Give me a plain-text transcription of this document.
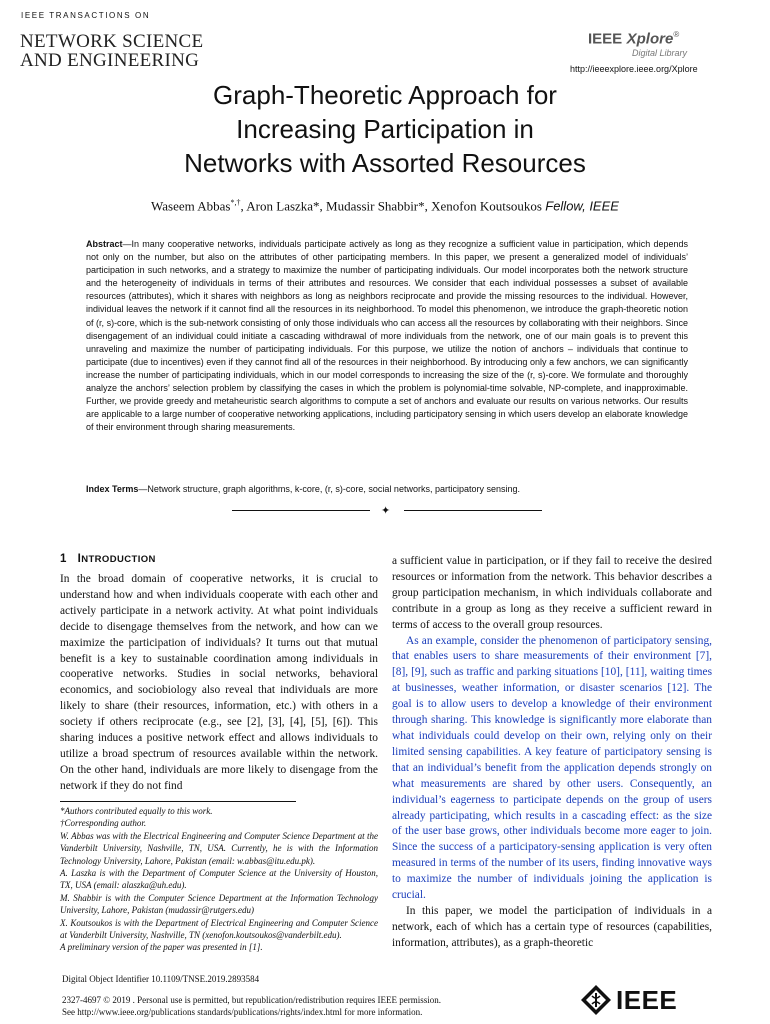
IEEE TRANSACTIONS ON
NETWORK SCIENCE
AND ENGINEERING
IEEE Xplore®
Digital Library
http://ieeexplore.ieee.org/Xplore
Graph-Theoretic Approach for
Increasing Participation in
Networks with Assorted Resources
Waseem Abbas*,†, Aron Laszka*, Mudassir Shabbir*, Xenofon Koutsoukos Fellow, IEEE
Abstract—In many cooperative networks, individuals participate actively as long as they recognize a sufficient value in participation, which depends not only on the number, but also on the attributes of other participating members. In this paper, we present a generalized model of individuals’ participation in such networks, and a strategy to maximize the number of participating individuals. Our model incorporates both the network structure and the heterogeneity of individuals in terms of their attributes and resources. We consider that each individual possesses a subset of available resources (attributes), which it shares with neighbors as long as neighbors reciprocate and provide the missing resources to the individual. However, individual leaves the network if it cannot find all the resources in its neighborhood. To model this phenomenon, we introduce the graph-theoretic notion of (r, s)-core, which is the sub-network consisting of only those individuals who can access all the resources by collaborating with their neighbors. Since disengagement of an individual could initiate a cascading withdrawal of more individuals from the network, one of our main goals is to prevent this unraveling and maximize the number of participating individuals. For this purpose, we utilize the notion of anchors – individuals that continue to participate (due to incentives) even if they cannot find all of the resources in their neighborhood. By introducing only a few anchors, we can significantly increase the number of participating individuals, which in our model corresponds to increasing the size of the (r, s)-core. We formulate and thoroughly analyze the anchors’ selection problem by classifying the cases in which the problem is polynomial-time solvable, NP-complete, and inapproximable. Further, we provide greedy and metaheuristic search algorithms to compute a set of anchors and evaluate our results on various networks. Our results are applicable to a large number of cooperative networking applications, including participatory sensing in which users develop an elaborate knowledge of their environment through sharing measurements.
Index Terms—Network structure, graph algorithms, k-core, (r, s)-core, social networks, participatory sensing.
✦
1 INTRODUCTION

In the broad domain of cooperative networks, it is crucial to understand how and when individuals cooperate with each other and actively participate in a network activity. At what point individuals decide to disengage themselves from the network, and how can we maximize the participation of individuals? It turns out that mutual benefit is a key to sustainable coordination among individuals in cooperative networks. Studies in social networks, behavioral economics, and sociobiology also reveal that individuals are more likely to share (their resources, information, etc.) with others in a society if others reciprocate (e.g., see [2], [3], [4], [5], [6]). This sharing induces a positive network effect and allows individuals to utilize a broad spectrum of resources available within the network. On the other hand, individuals are more likely to disengage from the network if they do not find

*Authors contributed equally to this work.

†Corresponding author.

W. Abbas was with the Electrical Engineering and Computer Science Department at the Vanderbilt University, Nashville, TN, USA. Currently, he is with the Information Technology University, Lahore, Pakistan (email: w.abbas@itu.edu.pk).

A. Laszka is with the Department of Computer Science at the University of Houston, TX, USA (email: alaszka@uh.edu).

M. Shabbir is with the Computer Science Department at the Information Technology University, Lahore, Pakistan (mudassir@rutgers.edu)

X. Koutsoukos is with the Department of Electrical Engineering and Computer Science at Vanderbilt University, Nashville, TN (xenofon.koutsoukos@vanderbilt.edu).

A preliminary version of the paper was presented in [1].

a sufficient value in participation, or if they fail to receive the desired resources or information from the network. This behavior describes a group participation mechanism, in which individuals collaborate and contribute in a group as long as they receive a sufficient reward in terms of access to the overall group resources.

As an example, consider the phenomenon of participatory sensing, that enables users to share measurements of their environment [7], [8], [9], such as traffic and parking situations [10], [11], waiting times at businesses, weather information, or disaster scenarios [12]. The goal is to allow users to develop a knowledge of their environment through sharing. This knowledge is significantly more elaborate than what individuals could develop on their own, relying only on their limited sensing capabilities. A key feature of participatory sensing is that an individual’s benefit from the application depends strongly on what measurements are shared by other users. Consequently, an individual’s eagerness to participate depends on the group of users already participating, which results in a cascading effect: as the size of the user base grows, other individuals become more eager to join. Since the success of a participatory-sensing application is very often measured in terms of the number of its users, finding innovative ways to maximize the number of individuals joining the application is crucial.

In this paper, we model the participation of individuals in a network, each of which has a certain type of resources (capabilities, information, attributes), as a graph-theoretic

Digital Object Identifier 10.1109/TNSE.2019.2893584
2327-4697 © 2019 . Personal use is permitted, but republication/redistribution requires IEEE permission.
See http://www.ieee.org/publications standards/publications/rights/index.html for more information.	IEEE
